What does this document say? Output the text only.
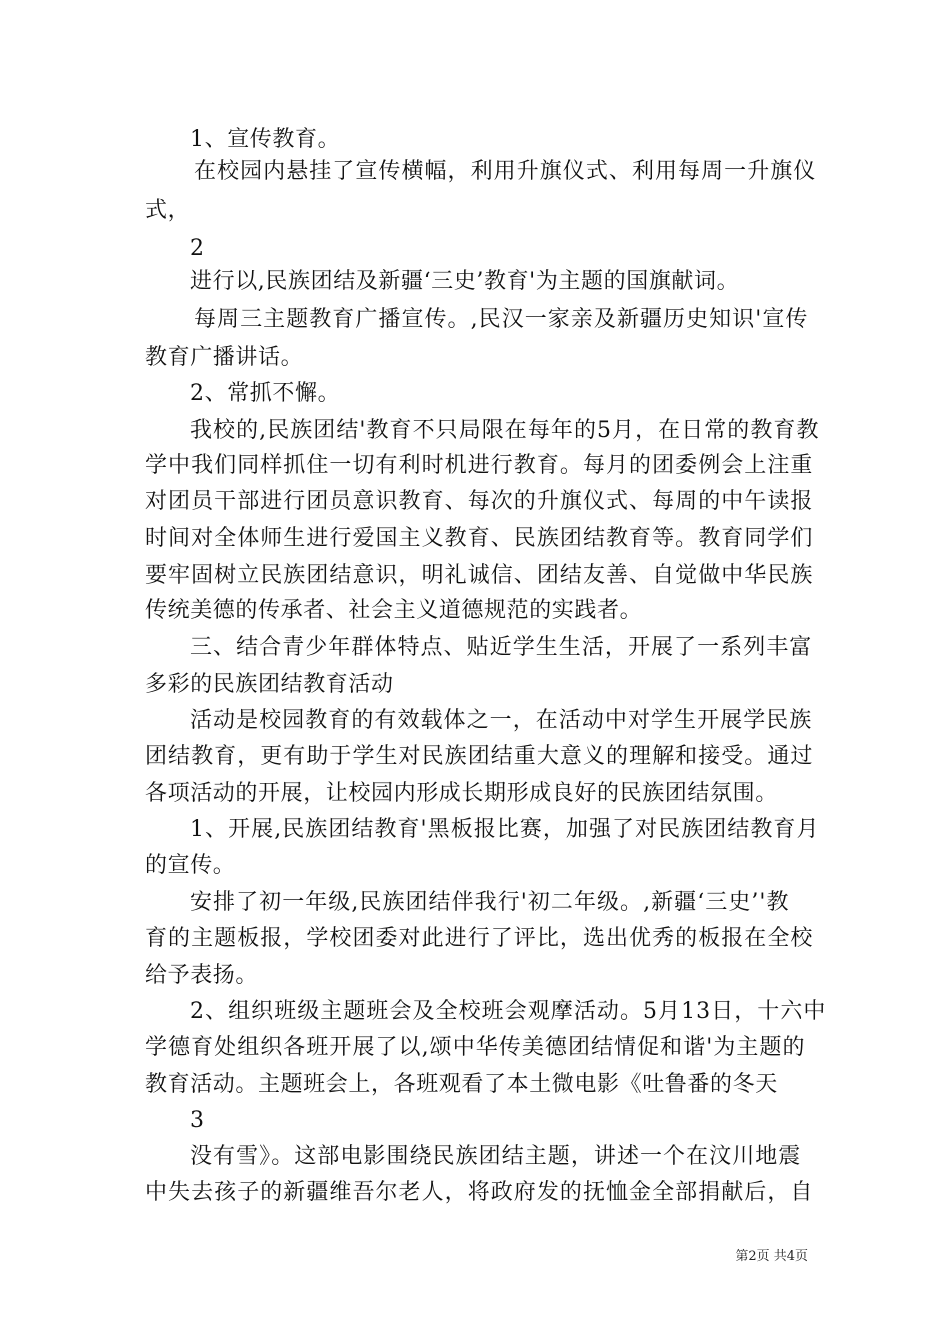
1、宣传教育。
在校园内悬挂了宣传横幅，利用升旗仪式、利用每周一升旗仪
式，
2
进行以,民族团结及新疆‘三史’教育'为主题的国旗献词。
每周三主题教育广播宣传。,民汉一家亲及新疆历史知识'宣传
教育广播讲话。
2、常抓不懈。
我校的,民族团结'教育不只局限在每年的5月，在日常的教育教
学中我们同样抓住一切有利时机进行教育。每月的团委例会上注重
对团员干部进行团员意识教育、每次的升旗仪式、每周的中午读报
时间对全体师生进行爱国主义教育、民族团结教育等。教育同学们
要牢固树立民族团结意识，明礼诚信、团结友善、自觉做中华民族
传统美德的传承者、社会主义道德规范的实践者。
三、结合青少年群体特点、贴近学生生活，开展了一系列丰富
多彩的民族团结教育活动
活动是校园教育的有效载体之一，在活动中对学生开展学民族
团结教育，更有助于学生对民族团结重大意义的理解和接受。通过
各项活动的开展，让校园内形成长期形成良好的民族团结氛围。
1、开展,民族团结教育'黑板报比赛，加强了对民族团结教育月
的宣传。
安排了初一年级,民族团结伴我行'初二年级。,新疆‘三史’'教
育的主题板报，学校团委对此进行了评比，选出优秀的板报在全校
给予表扬。
2、组织班级主题班会及全校班会观摩活动。5月13日，十六中
学德育处组织各班开展了以,颂中华传美德团结情促和谐'为主题的
教育活动。主题班会上，各班观看了本土微电影《吐鲁番的冬天
3
没有雪》。这部电影围绕民族团结主题，讲述一个在汶川地震
中失去孩子的新疆维吾尔老人，将政府发的抚恤金全部捐献后，自
第2页 共4页
